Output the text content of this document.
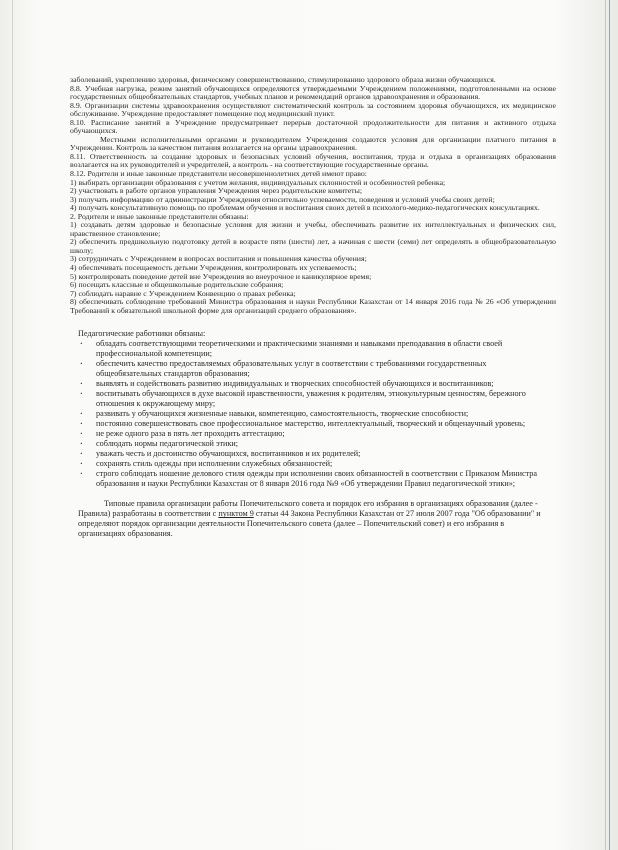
заболеваний, укреплению здоровья, физическому совершенствованию, стимулированию здорового образа жизни обучающихся.

8.8. Учебная нагрузка, режим занятий обучающихся определяются утверждаемыми Учреждением положениями, подготовленными на основе государственных общеобязательных стандартов, учебных планов и рекомендаций органов здравоохранения и образования.

8.9. Организации системы здравоохранения осуществляют систематический контроль за состоянием здоровья обучающихся, их медицинское обслуживание. Учреждение предоставляет помещение под медицинский пункт.

8.10. Расписание занятий в Учреждение предусматривает перерыв достаточной продолжительности для питания и активного отдыха обучающихся.

Местными исполнительными органами и руководителем Учреждения создаются условия для организации платного питания в Учреждении. Контроль за качеством питания возлагается на органы здравоохранения.

8.11. Ответственность за создание здоровых и безопасных условий обучения, воспитания, труда и отдыха в организациях образования возлагается на их руководителей и учредителей, а контроль - на соответствующие государственные органы.

8.12. Родители и иные законные представители несовершеннолетних детей имеют право:

1) выбирать организации образования с учетом желания, индивидуальных склонностей и особенностей ребенка;

2) участвовать в работе органов управления Учреждения через родительские комитеты;

3) получать информацию от администрации Учреждения относительно успеваемости, поведения и условий учебы своих детей;

4) получать консультативную помощь по проблемам обучения и воспитания своих детей в психолого-медико-педагогических консультациях.

2. Родители и иные законные представители обязаны:

1) создавать детям здоровые и безопасные условия для жизни и учебы, обеспечивать развитие их интеллектуальных и физических сил, нравственное становление;

2) обеспечить предшкольную подготовку детей в возрасте пяти (шести) лет, а начиная с шести (семи) лет определять в общеобразовательную школу;

3) сотрудничать с Учреждением в вопросах воспитания и повышения качества обучения;

4) обеспечивать посещаемость детьми Учреждения, контролировать их успеваемость;

5) контролировать поведение детей вне Учреждения во внеурочное и каникулярное время;

6) посещать классные и общешкольные родительские собрания;

7) соблюдать наравне с Учреждением Конвенцию о правах ребенка;

8) обеспечивать соблюдение требований Министра образования и науки Республики Казахстан от 14 января 2016 года № 26 «Об утверждении Требований к обязательной школьной форме для организаций среднего образования».

Педагогические работники обязаны:

· обладать соответствующими теоретическими и практическими знаниями и навыками преподавания в области своей профессиональной компетенции;
· обеспечить качество предоставляемых образовательных услуг в соответствии с требованиями государственных общеобязательных стандартов образования;
· выявлять и содействовать развитию индивидуальных и творческих способностей обучающихся и воспитанников;
· воспитывать обучающихся в духе высокой нравственности, уважения к родителям, этнокультурным ценностям, бережного отношения к окружающему миру;
· развивать у обучающихся жизненные навыки, компетенцию, самостоятельность, творческие способности;
· постоянно совершенствовать свое профессиональное мастерство, интеллектуальный, творческий и общенаучный уровень;
· не реже одного раза в пять лет проходить аттестацию;
· соблюдать нормы педагогической этики;
· уважать честь и достоинство обучающихся, воспитанников и их родителей;
· сохранять стиль одежды при исполнении служебных обязанностей;
· строго соблюдать ношение делового стиля одежды при исполнении своих обязанностей в соответствии с Приказом Министра образования и науки Республики Казахстан от 8 января 2016 года №9 «Об утверждении Правил педагогической этики»;

Типовые правила организации работы Попечительского совета и порядок его избрания в организациях образования (далее - Правила) разработаны в соответствии с пунктом 9 статьи 44 Закона Республики Казахстан от 27 июля 2007 года "Об образовании" и определяют порядок организации деятельности Попечительского совета (далее – Попечительский совет) и его избрания в организациях образования.
